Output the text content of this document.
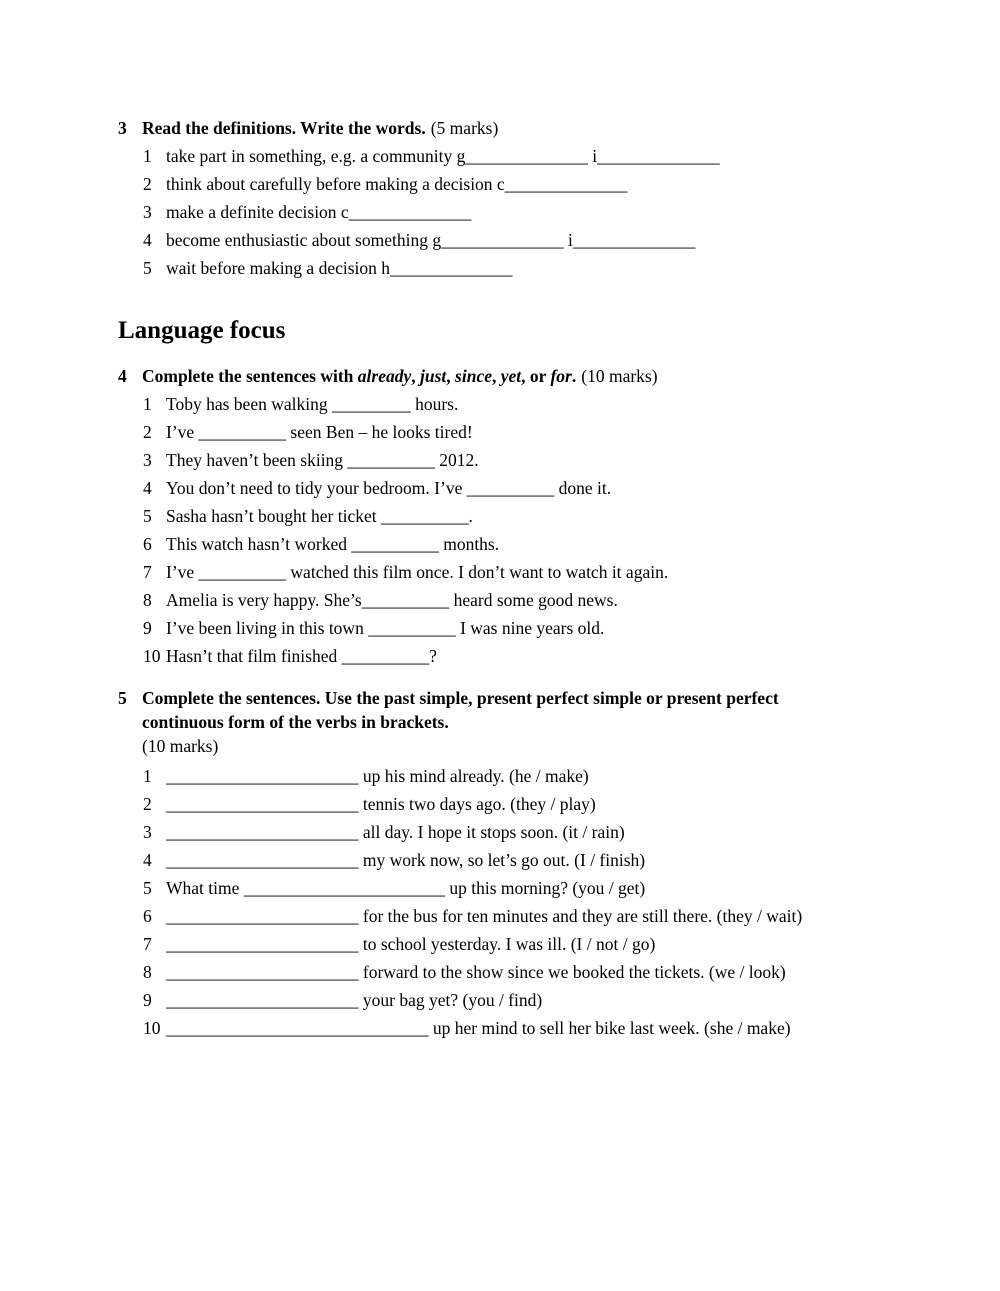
3 Read the definitions. Write the words. (5 marks)
1 take part in something, e.g. a community g______________ i______________
2 think about carefully before making a decision c______________
3 make a definite decision c______________
4 become enthusiastic about something g______________ i______________
5 wait before making a decision h______________
Language focus
4 Complete the sentences with already, just, since, yet, or for. (10 marks)
1 Toby has been walking _________ hours.
2 I’ve __________ seen Ben – he looks tired!
3 They haven’t been skiing __________ 2012.
4 You don’t need to tidy your bedroom. I’ve __________ done it.
5 Sasha hasn’t bought her ticket __________.
6 This watch hasn’t worked __________ months.
7 I’ve __________ watched this film once. I don’t want to watch it again.
8 Amelia is very happy. She’s__________ heard some good news.
9 I’ve been living in this town __________ I was nine years old.
10 Hasn’t that film finished __________?
5 Complete the sentences. Use the past simple, present perfect simple or present perfect
continuous form of the verbs in brackets.
(10 marks)
1 ______________________ up his mind already. (he / make)
2 ______________________ tennis two days ago. (they / play)
3 ______________________ all day. I hope it stops soon. (it / rain)
4 ______________________ my work now, so let’s go out. (I / finish)
5 What time _______________________ up this morning? (you / get)
6 ______________________ for the bus for ten minutes and they are still there. (they / wait)
7 ______________________ to school yesterday. I was ill. (I / not / go)
8 ______________________ forward to the show since we booked the tickets. (we / look)
9 ______________________ your bag yet? (you / find)
10 ______________________________ up her mind to sell her bike last week. (she / make)
